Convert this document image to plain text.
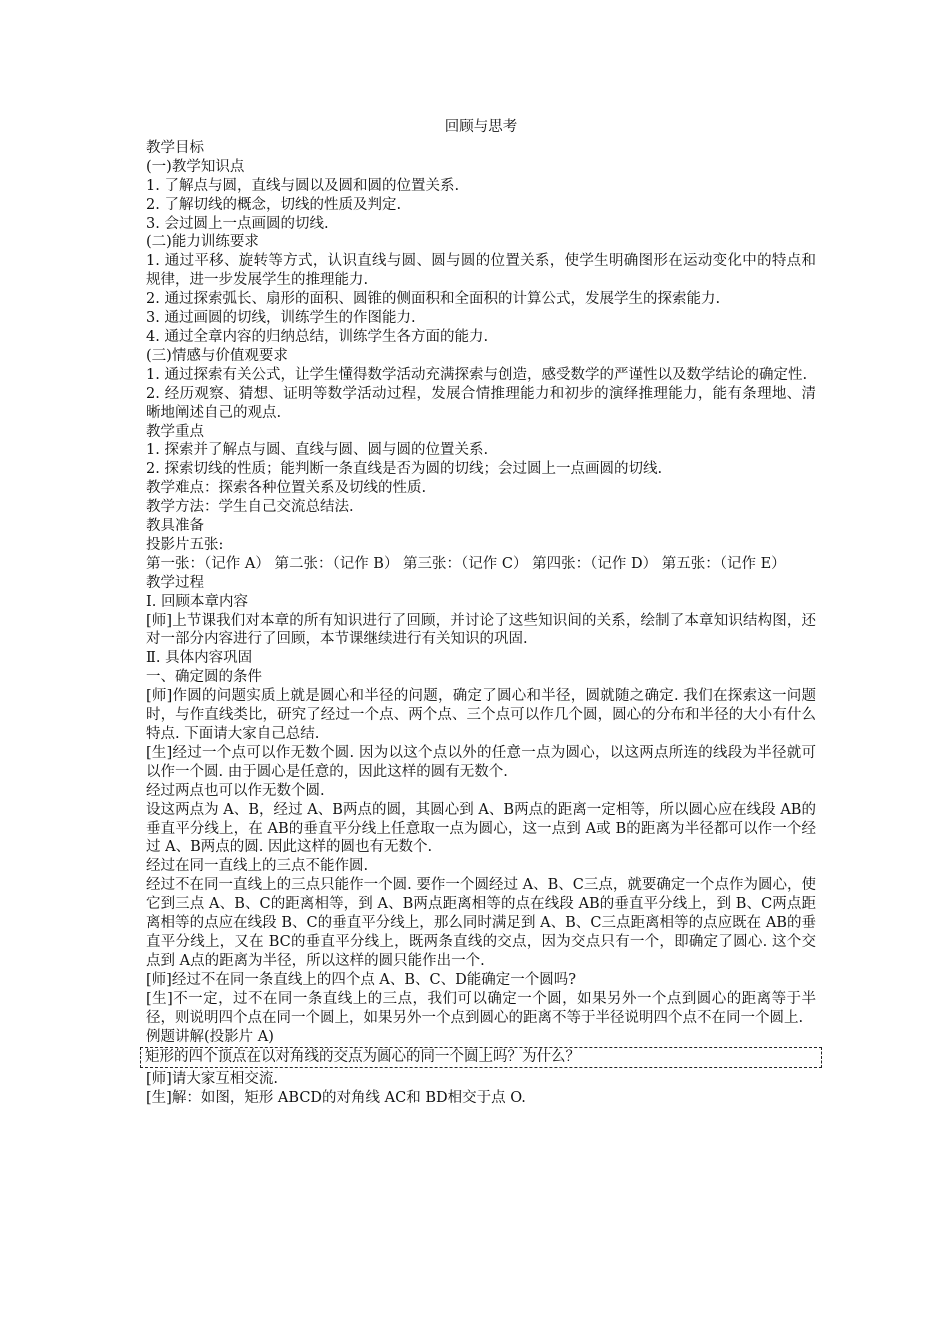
回顾与思考
教学目标
(一)教学知识点
1. 了解点与圆，直线与圆以及圆和圆的位置关系.
2. 了解切线的概念，切线的性质及判定.
3. 会过圆上一点画圆的切线.
(二)能力训练要求
1. 通过平移、旋转等方式，认识直线与圆、圆与圆的位置关系，使学生明确图形在运动变化中的特点和规律，进一步发展学生的推理能力.
2. 通过探索弧长、扇形的面积、圆锥的侧面积和全面积的计算公式，发展学生的探索能力.
3. 通过画圆的切线，训练学生的作图能力.
4. 通过全章内容的归纳总结，训练学生各方面的能力.
(三)情感与价值观要求
1. 通过探索有关公式，让学生懂得数学活动充满探索与创造，感受数学的严谨性以及数学结论的确定性.
2. 经历观察、猜想、证明等数学活动过程，发展合情推理能力和初步的演绎推理能力，能有条理地、清晰地阐述自己的观点.
教学重点
1. 探索并了解点与圆、直线与圆、圆与圆的位置关系.
2. 探索切线的性质；能判断一条直线是否为圆的切线；会过圆上一点画圆的切线.
教学难点：探索各种位置关系及切线的性质.
教学方法：学生自己交流总结法.
教具准备
投影片五张:
第一张：（记作 A） 第二张：（记作 B） 第三张：（记作 C） 第四张：（记作 D） 第五张：（记作 E）
教学过程
Ⅰ. 回顾本章内容
[师]上节课我们对本章的所有知识进行了回顾，并讨论了这些知识间的关系，绘制了本章知识结构图，还对一部分内容进行了回顾，本节课继续进行有关知识的巩固.
Ⅱ. 具体内容巩固
一、确定圆的条件
[师]作圆的问题实质上就是圆心和半径的问题，确定了圆心和半径，圆就随之确定. 我们在探索这一问题时，与作直线类比，研究了经过一个点、两个点、三个点可以作几个圆，圆心的分布和半径的大小有什么特点. 下面请大家自己总结.
[生]经过一个点可以作无数个圆. 因为以这个点以外的任意一点为圆心，以这两点所连的线段为半径就可以作一个圆. 由于圆心是任意的，因此这样的圆有无数个.
经过两点也可以作无数个圆.
设这两点为 A、B，经过 A、B两点的圆，其圆心到 A、B两点的距离一定相等，所以圆心应在线段 AB的垂直平分线上，在 AB的垂直平分线上任意取一点为圆心，这一点到 A或 B的距离为半径都可以作一个经过 A、B两点的圆. 因此这样的圆也有无数个.
经过在同一直线上的三点不能作圆.
经过不在同一直线上的三点只能作一个圆. 要作一个圆经过 A、B、C三点，就要确定一个点作为圆心，使它到三点 A、B、C的距离相等，到 A、B两点距离相等的点在线段 AB的垂直平分线上，到 B、C两点距离相等的点应在线段 B、C的垂直平分线上，那么同时满足到 A、B、C三点距离相等的点应既在 AB的垂直平分线上，又在 BC的垂直平分线上，既两条直线的交点，因为交点只有一个，即确定了圆心. 这个交点到 A点的距离为半径，所以这样的圆只能作出一个.
[师]经过不在同一条直线上的四个点 A、B、C、D能确定一个圆吗?
[生]不一定，过不在同一条直线上的三点，我们可以确定一个圆，如果另外一个点到圆心的距离等于半径，则说明四个点在同一个圆上，如果另外一个点到圆心的距离不等于半径说明四个点不在同一个圆上.
例题讲解(投影片 A)
矩形的四个顶点在以对角线的交点为圆心的同一个圆上吗？为什么？
[师]请大家互相交流.
[生]解：如图，矩形 ABCD的对角线 AC和 BD相交于点 O.
